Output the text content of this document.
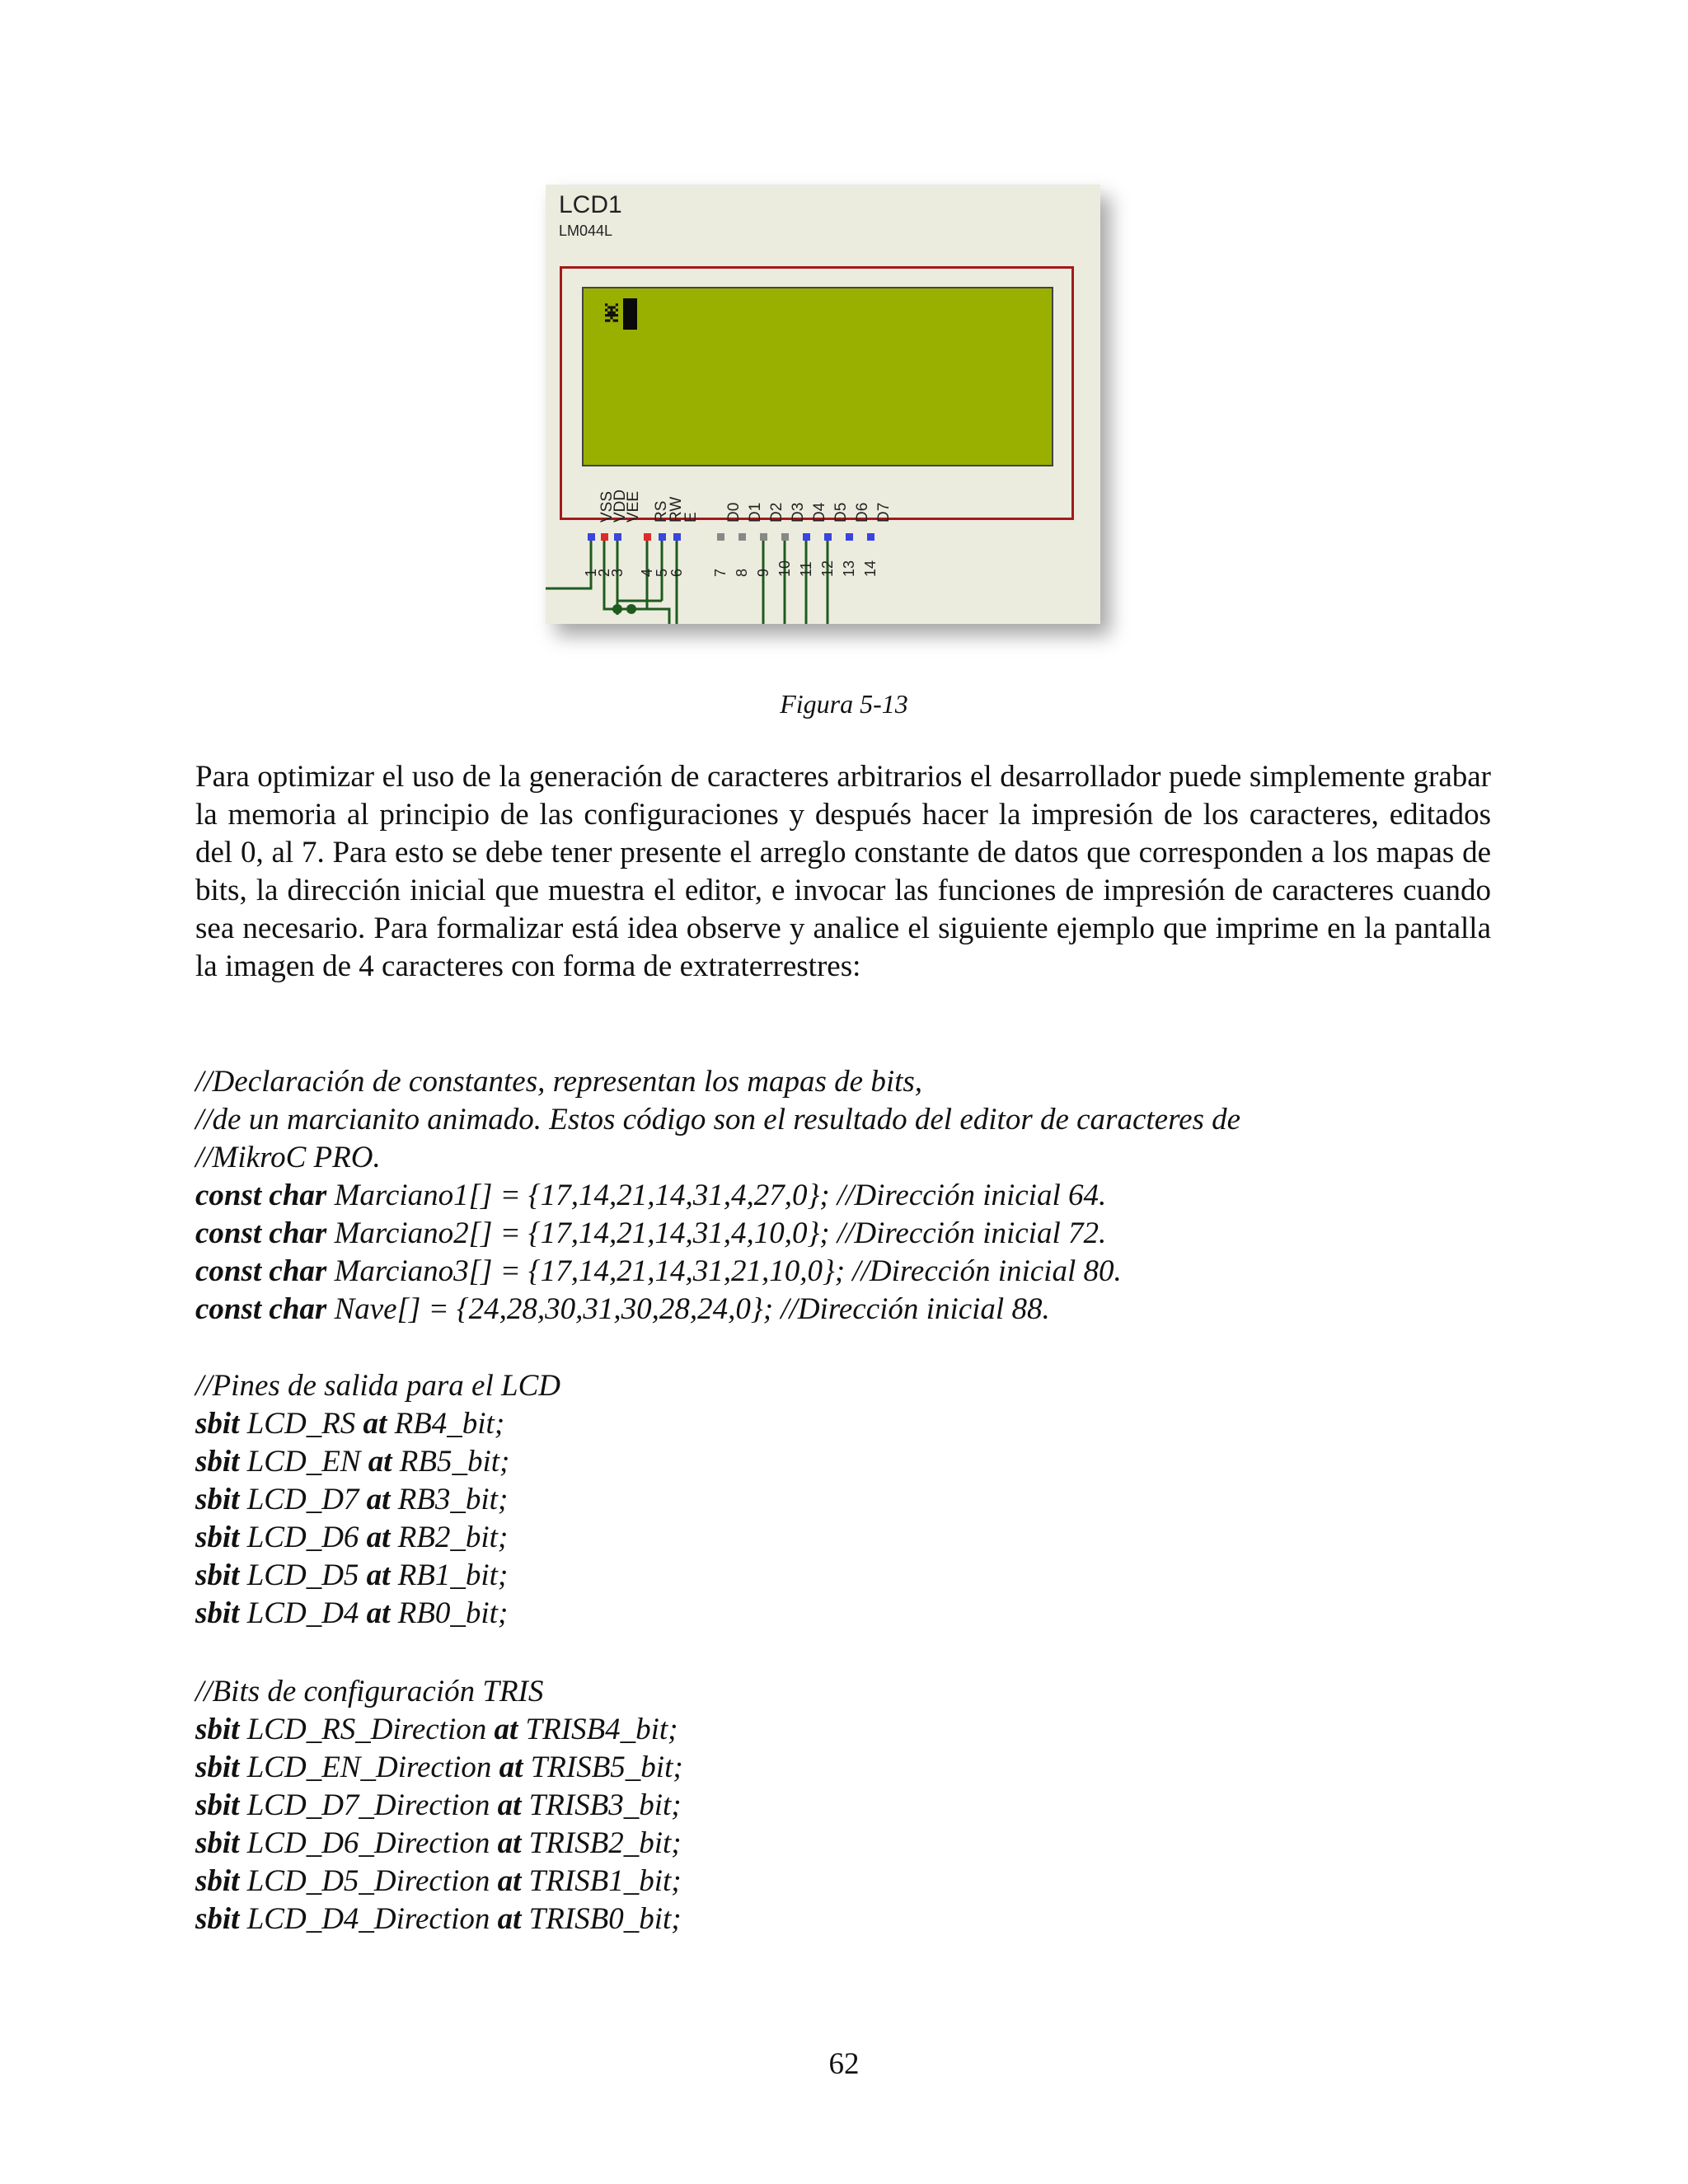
LCD1
LM044L
VSS
VDD
VEE RS
RW
E D0 D1 D2 D3 D4 D5 D6 D7
1
2
3 4
5
6 7 8 9 10 11 12 13 14
Figura 5-13

Para optimizar el uso de la generación de caracteres arbitrarios el desarrollador puede simplemente grabar la memoria al principio de las configuraciones y después hacer la impresión de los caracteres, editados del 0, al 7. Para esto se debe tener presente el arreglo constante de datos que corresponden a los mapas de bits, la dirección inicial que muestra el editor, e invocar las funciones de impresión de caracteres cuando sea necesario. Para formalizar está idea observe y analice el siguiente ejemplo que imprime en la pantalla la imagen de 4 caracteres con forma de extraterrestres:

//Declaración de constantes, representan los mapas de bits,
//de un marcianito animado. Estos código son el resultado del editor de caracteres de
//MikroC PRO.
const char Marciano1[] = {17,14,21,14,31,4,27,0}; //Dirección inicial 64.
const char Marciano2[] = {17,14,21,14,31,4,10,0}; //Dirección inicial 72.
const char Marciano3[] = {17,14,21,14,31,21,10,0}; //Dirección inicial 80.
const char Nave[] = {24,28,30,31,30,28,24,0}; //Dirección inicial 88.
//Pines de salida para el LCD
sbit LCD_RS at RB4_bit;
sbit LCD_EN at RB5_bit;
sbit LCD_D7 at RB3_bit;
sbit LCD_D6 at RB2_bit;
sbit LCD_D5 at RB1_bit;
sbit LCD_D4 at RB0_bit;
//Bits de configuración TRIS
sbit LCD_RS_Direction at TRISB4_bit;
sbit LCD_EN_Direction at TRISB5_bit;
sbit LCD_D7_Direction at TRISB3_bit;
sbit LCD_D6_Direction at TRISB2_bit;
sbit LCD_D5_Direction at TRISB1_bit;
sbit LCD_D4_Direction at TRISB0_bit;
62
